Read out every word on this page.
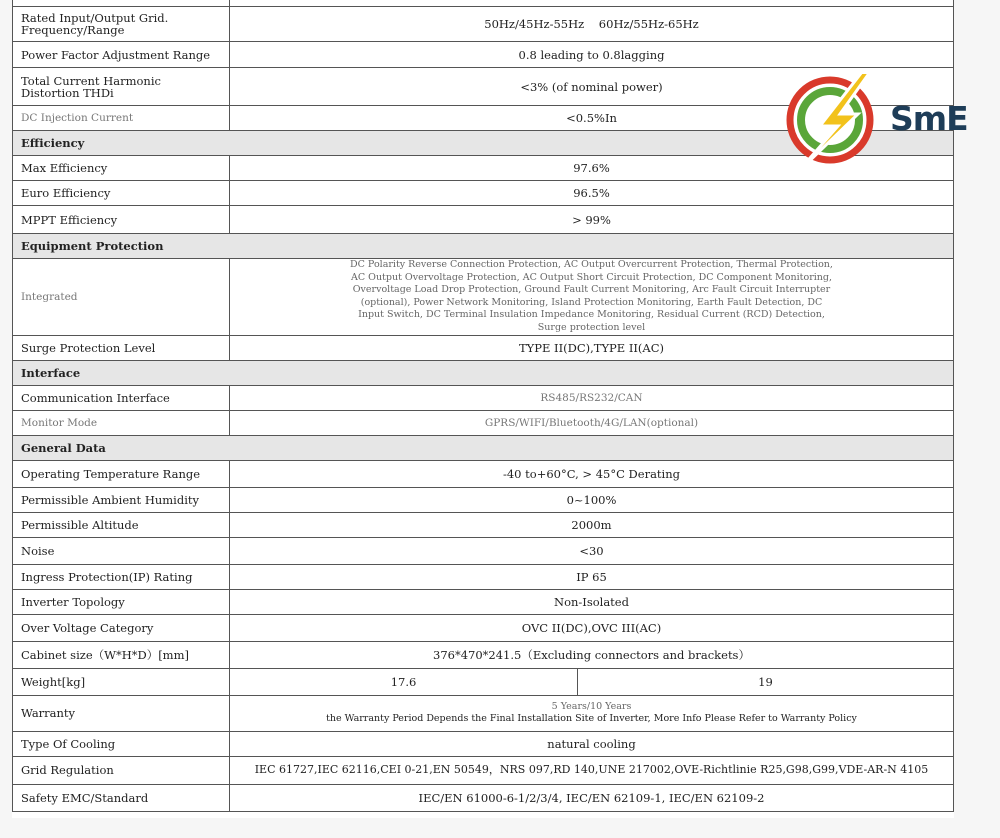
Rated Input/Output Grid. Frequency/Range	50Hz/45Hz-55Hz    60Hz/55Hz-65Hz	
Power Factor Adjustment Range	0.8 leading to 0.8lagging	
Total Current Harmonic Distortion THDi	<3% (of nominal power)	
DC Injection Current	<0.5%In	
Efficiency		
Max Efficiency	97.6%	
Euro Efficiency	96.5%	
MPPT Efficiency	> 99%	
Equipment Protection		
Integrated	DC Polarity Reverse Connection Protection, AC Output Overcurrent Protection, Thermal Protection, AC Output Overvoltage Protection, AC Output Short Circuit Protection, DC Component Monitoring, Overvoltage Load Drop Protection, Ground Fault Current Monitoring, Arc Fault Circuit Interrupter (optional), Power Network Monitoring, Island Protection Monitoring, Earth Fault Detection, DC Input Switch, DC Terminal Insulation Impedance Monitoring, Residual Current (RCD) Detection, Surge protection level	
Surge Protection Level	TYPE II(DC),TYPE II(AC)	
Interface		
Communication Interface	RS485/RS232/CAN	
Monitor Mode	GPRS/WIFI/Bluetooth/4G/LAN(optional)	
General Data		
Operating Temperature Range	-40 to+60°C, > 45°C Derating	
Permissible Ambient Humidity	0~100%	
Permissible Altitude	2000m	
Noise	<30	
Ingress Protection(IP) Rating	IP 65	
Inverter Topology	Non-Isolated	
Over Voltage Category	OVC II(DC),OVC III(AC)	
Cabinet size（W*H*D）[mm]	376*470*241.5（Excluding connectors and brackets）	
Weight[kg]	17.6	19
Warranty	5 Years/10 Years
the Warranty Period Depends the Final Installation Site of Inverter, More Info Please Refer to Warranty Policy	

Type Of Cooling	natural cooling	
Grid Regulation	IEC 61727,IEC 62116,CEI 0-21,EN 50549，NRS 097,RD 140,UNE 217002,OVE-Richtlinie R25,G98,G99,VDE-AR-N 4105	
Safety EMC/Standard	IEC/EN 61000-6-1/2/3/4, IEC/EN 62109-1, IEC/EN 62109-2	
SmE
